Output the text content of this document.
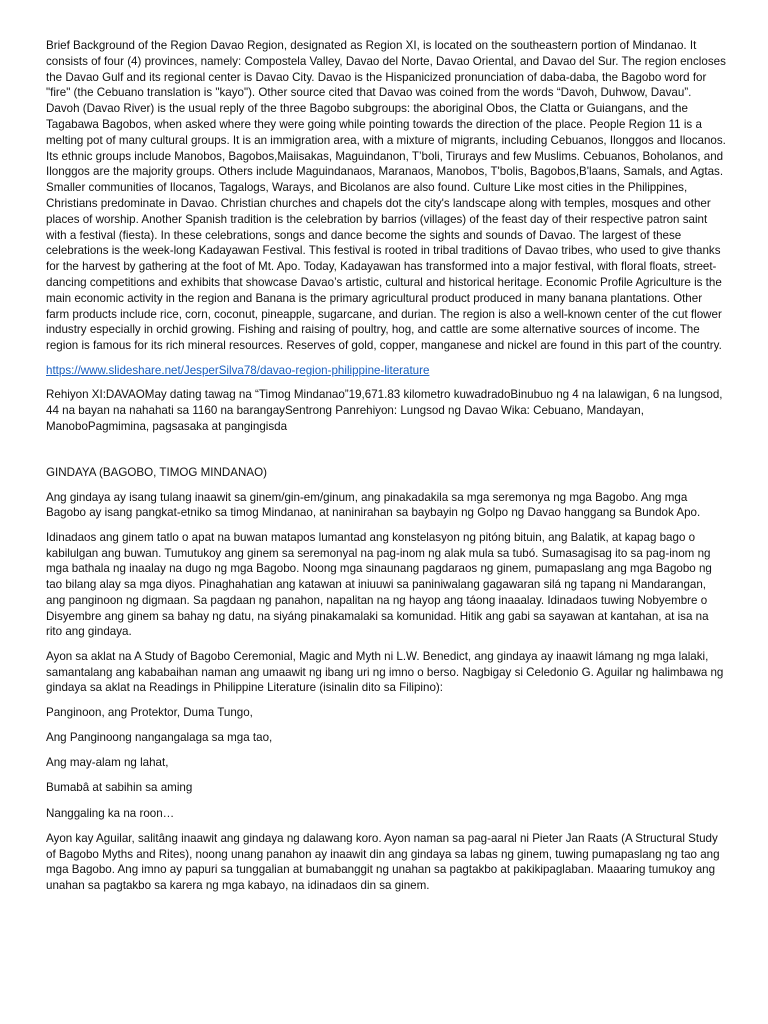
Brief Background of the Region Davao Region, designated as Region XI, is located on the southeastern portion of Mindanao. It consists of four (4) provinces, namely: Compostela Valley, Davao del Norte, Davao Oriental, and Davao del Sur. The region encloses the Davao Gulf and its regional center is Davao City. Davao is the Hispanicized pronunciation of daba-daba, the Bagobo word for "fire" (the Cebuano translation is "kayo"). Other source cited that Davao was coined from the words “Davoh, Duhwow, Davau”. Davoh (Davao River) is the usual reply of the three Bagobo subgroups: the aboriginal Obos, the Clatta or Guiangans, and the Tagabawa Bagobos, when asked where they were going while pointing towards the direction of the place. People Region 11 is a melting pot of many cultural groups. It is an immigration area, with a mixture of migrants, including Cebuanos, Ilonggos and Ilocanos. Its ethnic groups include Manobos, Bagobos,Maiisakas, Maguindanon, T’boli, Tirurays and few Muslims. Cebuanos, Boholanos, and Ilonggos are the majority groups. Others include Maguindanaos, Maranaos, Manobos, T'bolis, Bagobos,B'laans, Samals, and Agtas. Smaller communities of Ilocanos, Tagalogs, Warays, and Bicolanos are also found. Culture Like most cities in the Philippines, Christians predominate in Davao. Christian churches and chapels dot the city's landscape along with temples, mosques and other places of worship. Another Spanish tradition is the celebration by barrios (villages) of the feast day of their respective patron saint with a festival (fiesta). In these celebrations, songs and dance become the sights and sounds of Davao. The largest of these celebrations is the week-long Kadayawan Festival. This festival is rooted in tribal traditions of Davao tribes, who used to give thanks for the harvest by gathering at the foot of Mt. Apo. Today, Kadayawan has transformed into a major festival, with floral floats, street-dancing competitions and exhibits that showcase Davao’s artistic, cultural and historical heritage. Economic Profile Agriculture is the main economic activity in the region and Banana is the primary agricultural product produced in many banana plantations. Other farm products include rice, corn, coconut, pineapple, sugarcane, and durian. The region is also a well-known center of the cut flower industry especially in orchid growing. Fishing and raising of poultry, hog, and cattle are some alternative sources of income. The region is famous for its rich mineral resources. Reserves of gold, copper, manganese and nickel are found in this part of the country.

https://www.slideshare.net/JesperSilva78/davao-region-philippine-literature

Rehiyon XI:DAVAOMay dating tawag na “Timog Mindanao”19,671.83 kilometro kuwadradoBinubuo ng 4 na lalawigan, 6 na lungsod, 44 na bayan na nahahati sa 1160 na barangaySentrong Panrehiyon: Lungsod ng Davao Wika: Cebuano, Mandayan, ManoboPagmimina, pagsasaka at pangingisda

GINDAYA (BAGOBO, TIMOG MINDANAO)

Ang gindaya ay isang tulang inaawit sa ginem/gin-em/ginum, ang pinakadakila sa mga seremonya ng mga Bagobo. Ang mga Bagobo ay isang pangkat-etniko sa timog Mindanao, at naninirahan sa baybayin ng Golpo ng Davao hanggang sa Bundok Apo.

Idinadaos ang ginem tatlo o apat na buwan matapos lumantad ang konstelasyon ng pitóng bituin, ang Balatik, at kapag bago o kabilulgan ang buwan. Tumutukoy ang ginem sa seremonyal na pag-inom ng alak mula sa tubó. Sumasagisag ito sa pag-inom ng mga bathala ng inaalay na dugo ng mga Bagobo. Noong mga sinaunang pagdaraos ng ginem, pumapaslang ang mga Bagobo ng tao bilang alay sa mga diyos. Pinaghahatian ang katawan at iniuuwi sa paniniwalang gagawaran silá ng tapang ni Mandarangan, ang panginoon ng digmaan. Sa pagdaan ng panahon, napalitan na ng hayop ang táong inaaalay. Idinadaos tuwing Nobyembre o Disyembre ang ginem sa bahay ng datu, na siyáng pinakamalaki sa komunidad. Hitik ang gabi sa sayawan at kantahan, at isa na rito ang gindaya.

Ayon sa aklat na A Study of Bagobo Ceremonial, Magic and Myth ni L.W. Benedict, ang gindaya ay inaawit lámang ng mga lalaki, samantalang ang kababaihan naman ang umaawit ng ibang uri ng imno o berso. Nagbigay si Celedonio G. Aguilar ng halimbawa ng gindaya sa aklat na Readings in Philippine Literature (isinalin dito sa Filipino):

Panginoon, ang Protektor, Duma Tungo,

Ang Panginoong nangangalaga sa mga tao,

Ang may-alam ng lahat,

Bumabâ at sabihin sa aming

Nanggaling ka na roon…

Ayon kay Aguilar, salitâng inaawit ang gindaya ng dalawang koro. Ayon naman sa pag-aaral ni Pieter Jan Raats (A Structural Study of Bagobo Myths and Rites), noong unang panahon ay inaawit din ang gindaya sa labas ng ginem, tuwing pumapaslang ng tao ang mga Bagobo. Ang imno ay papuri sa tunggalian at bumabanggit ng unahan sa pagtakbo at pakikipaglaban. Maaaring tumukoy ang unahan sa pagtakbo sa karera ng mga kabayo, na idinadaos din sa ginem.
